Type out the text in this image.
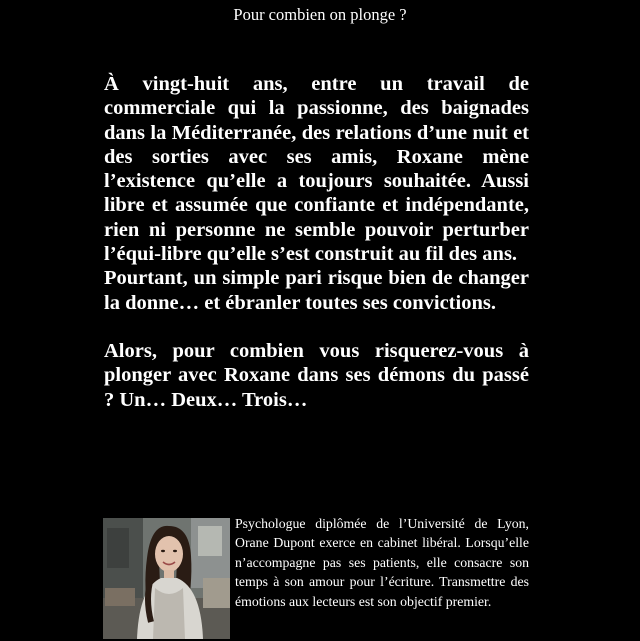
Pour combien on plonge ?

À vingt-huit ans, entre un travail de commerciale qui la passionne, des baignades dans la Méditerranée, des relations d’une nuit et des sorties avec ses amis, Roxane mène l’existence qu’elle a toujours souhaitée. Aussi libre et assumée que confiante et indépendante, rien ni personne ne semble pouvoir perturber l’équi-libre qu’elle s’est construit au fil des ans.

Pourtant, un simple pari risque bien de changer la donne… et ébranler toutes ses convictions.

Alors, pour combien vous risquerez-vous à plonger avec Roxane dans ses démons du passé ? Un… Deux… Trois…

Psychologue diplômée de l’Université de Lyon, Orane Dupont exerce en cabinet libéral. Lorsqu’elle n’accompagne pas ses patients, elle consacre son temps à son amour pour l’écriture. Transmettre des émotions aux lecteurs est son objectif premier.
